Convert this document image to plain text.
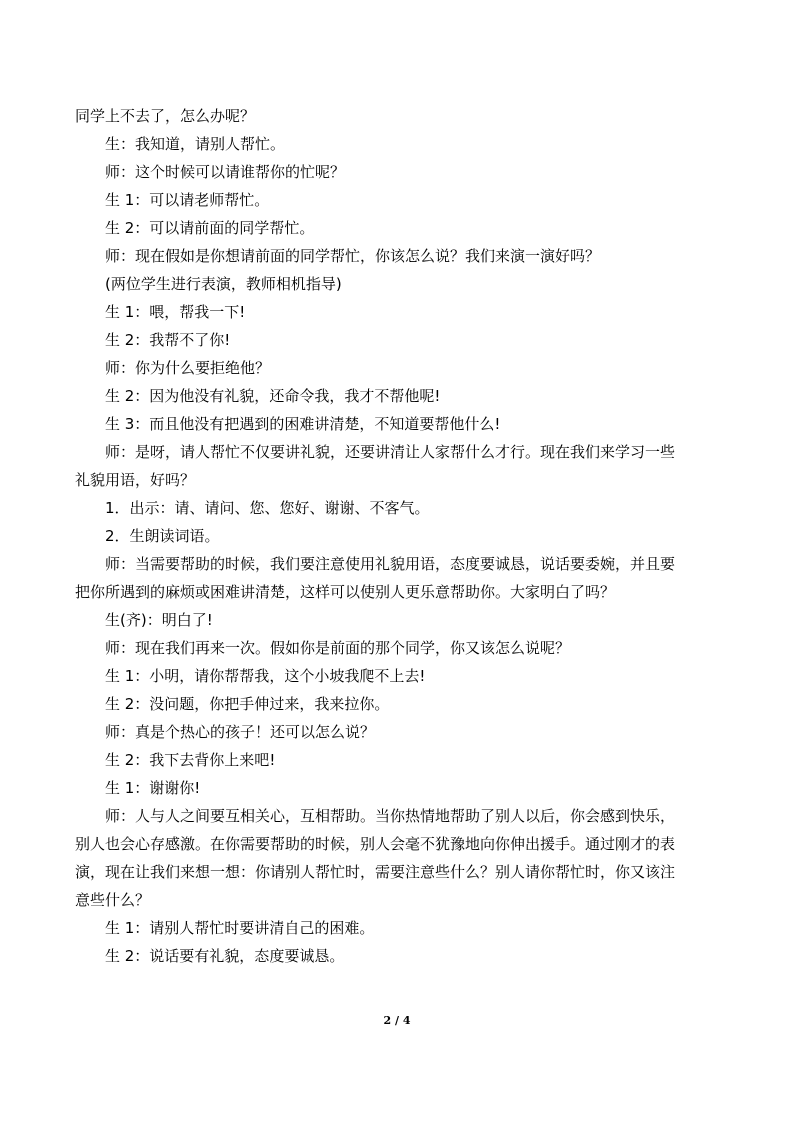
同学上不去了，怎么办呢？
生：我知道，请别人帮忙。
师：这个时候可以请谁帮你的忙呢？
生 1：可以请老师帮忙。
生 2：可以请前面的同学帮忙。
师：现在假如是你想请前面的同学帮忙，你该怎么说？我们来演一演好吗？
(两位学生进行表演，教师相机指导)
生 1：喂，帮我一下!
生 2：我帮不了你!
师：你为什么要拒绝他？
生 2：因为他没有礼貌，还命令我，我才不帮他呢!
生 3：而且他没有把遇到的困难讲清楚，不知道要帮他什么!
师：是呀，请人帮忙不仅要讲礼貌，还要讲清让人家帮什么才行。现在我们来学习一些
礼貌用语，好吗？
1．出示：请、请问、您、您好、谢谢、不客气。
2．生朗读词语。
师：当需要帮助的时候，我们要注意使用礼貌用语，态度要诚恳，说话要委婉，并且要
把你所遇到的麻烦或困难讲清楚，这样可以使别人更乐意帮助你。大家明白了吗？
生(齐)：明白了!
师：现在我们再来一次。假如你是前面的那个同学，你又该怎么说呢？
生 1：小明，请你帮帮我，这个小坡我爬不上去!
生 2：没问题，你把手伸过来，我来拉你。
师：真是个热心的孩子！还可以怎么说？
生 2：我下去背你上来吧!
生 1：谢谢你!
师：人与人之间要互相关心，互相帮助。当你热情地帮助了别人以后，你会感到快乐，
别人也会心存感激。在你需要帮助的时候，别人会毫不犹豫地向你伸出援手。通过刚才的表
演，现在让我们来想一想：你请别人帮忙时，需要注意些什么？别人请你帮忙时，你又该注
意些什么？
生 1：请别人帮忙时要讲清自己的困难。
生 2：说话要有礼貌，态度要诚恳。
2 / 4
